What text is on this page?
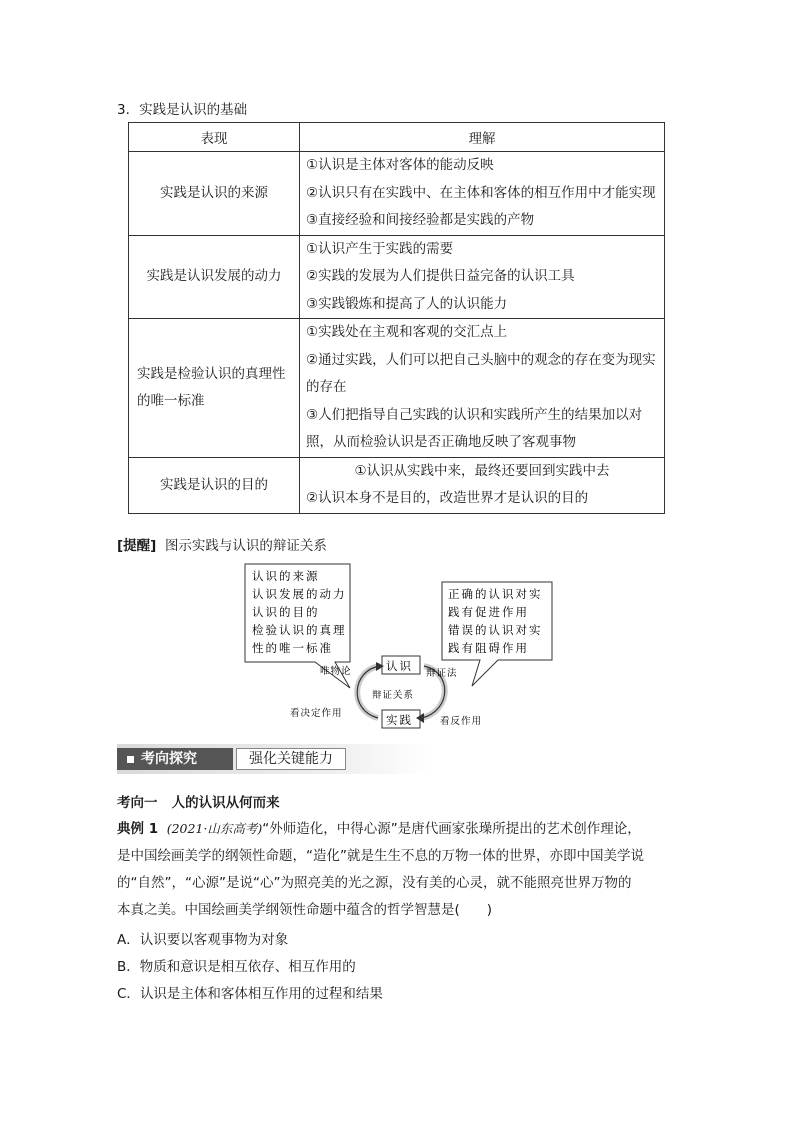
3．实践是认识的基础
表现	理解
实践是认识的来源	①认识是主体对客体的能动反映
②认识只有在实践中、在主体和客体的相互作用中才能实现
③直接经验和间接经验都是实践的产物

实践是认识发展的动力	①认识产生于实践的需要
②实践的发展为人们提供日益完备的认识工具
③实践锻炼和提高了人的认识能力

实践是检验认识的真理性的唯一标准	①实践处在主观和客观的交汇点上
②通过实践，人们可以把自己头脑中的观念的存在变为现实的存在
③人们把指导自己实践的认识和实践所产生的结果加以对照，从而检验认识是否正确地反映了客观事物

实践是认识的目的	①认识从实践中来，最终还要回到实践中去
②认识本身不是目的，改造世界才是认识的目的
[提醒] 图示实践与认识的辩证关系
认识的来源
认识发展的动力
认识的目的
检验认识的真理
性的唯一标准
正确的认识对实
践有促进作用
错误的认识对实
践有阻碍作用
认识
实践
辩证关系
唯物论	辩证法
看决定作用
看反作用
考向探究	强化关键能力
考向一 人的认识从何而来
典例 1 (2021·山东高考)“外师造化，中得心源”是唐代画家张璪所提出的艺术创作理论，
是中国绘画美学的纲领性命题，“造化”就是生生不息的万物一体的世界，亦即中国美学说
的“自然”，“心源”是说“心”为照亮美的光之源，没有美的心灵，就不能照亮世界万物的
本真之美。中国绘画美学纲领性命题中蕴含的哲学智慧是(　　)
A．认识要以客观事物为对象
B．物质和意识是相互依存、相互作用的
C．认识是主体和客体相互作用的过程和结果
